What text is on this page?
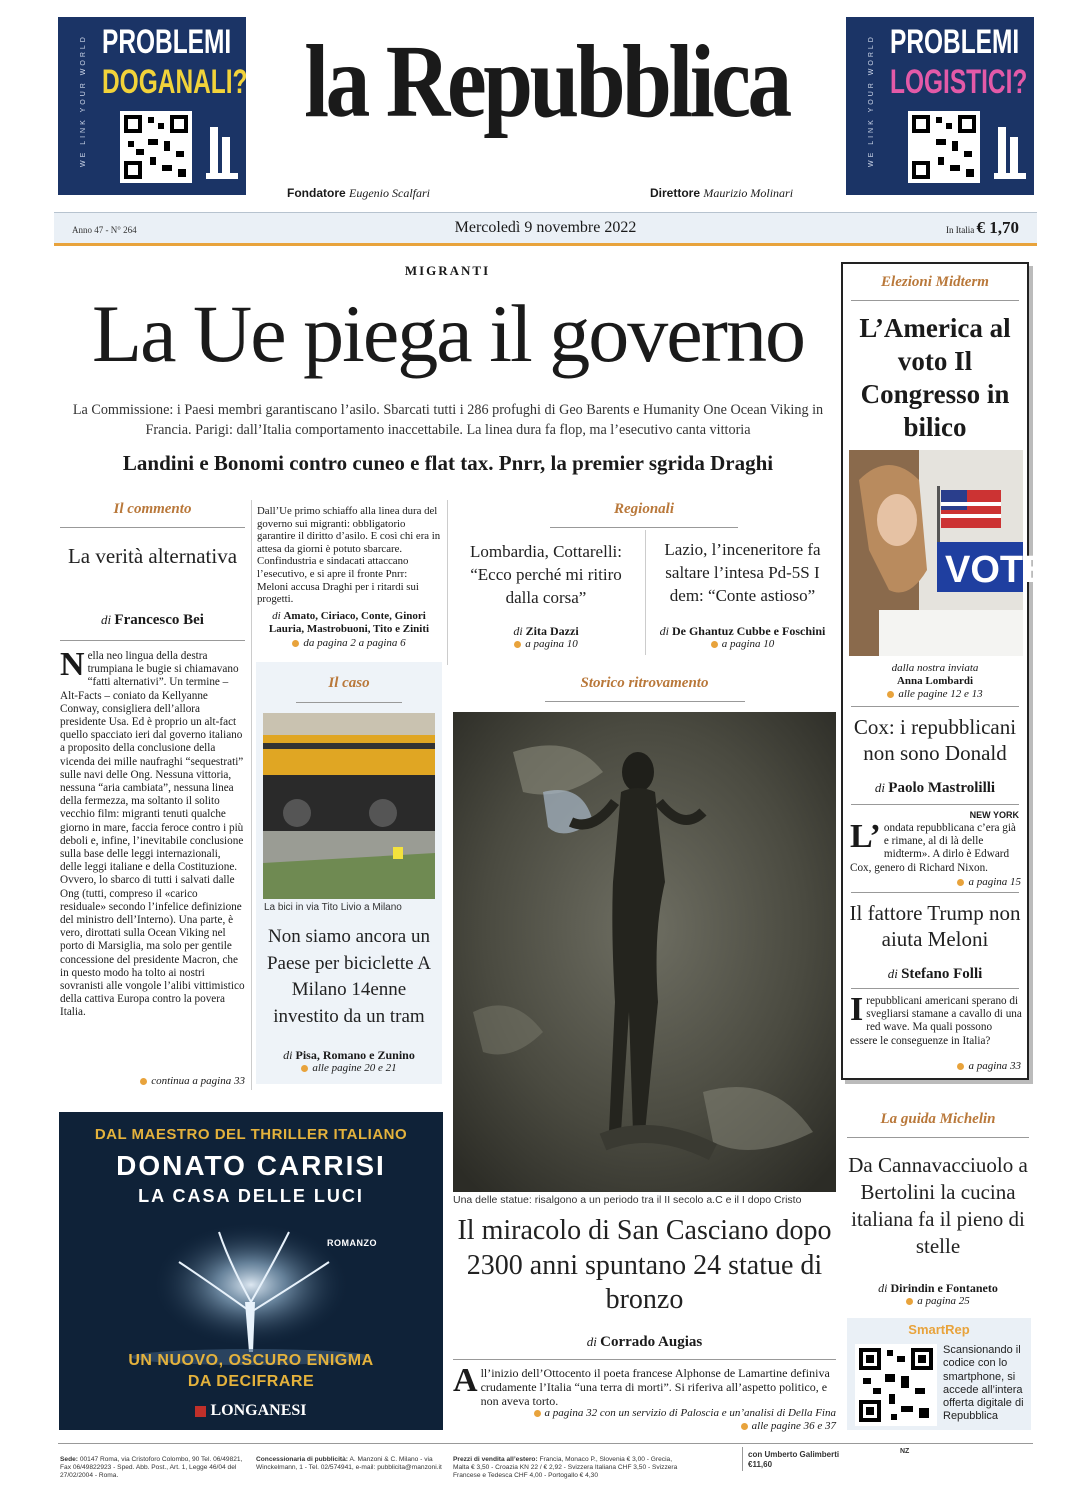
ORMESANI	WE LINK YOUR WORLD PROBLEMI
DOGANALI? la Repubblica
Fondatore Eugenio Scalfari	Direttore Maurizio Molinari
ORMESANI	WE LINK YOUR WORLD PROBLEMI
LOGISTICI?
Anno 47 - N° 264	Mercoledì 9 novembre 2022	In Italia € 1,70
MIGRANTI
La Ue piega il governo
La Commissione: i Paesi membri garantiscano l’asilo. Sbarcati tutti i 286 profughi di Geo Barents e Humanity One Ocean Viking in Francia. Parigi: dall’Italia comportamento inaccettabile. La linea dura fa flop, ma l’esecutivo canta vittoria
Landini e Bonomi contro cuneo e flat tax. Pnrr, la premier sgrida Draghi
Il commento
La verità alternativa
di Francesco Bei
Nella neo lingua della destra trumpiana le bugie si chiamavano “fatti alternativi”. Un termine – Alt-Facts – coniato da Kellyanne Conway, consigliera dell’allora presidente Usa. Ed è proprio un alt-fact quello spacciato ieri dal governo italiano a proposito della conclusione della vicenda dei mille naufraghi “sequestrati” sulle navi delle Ong. Nessuna vittoria, nessuna “aria cambiata”, nessuna linea della fermezza, ma soltanto il solito vecchio film: migranti tenuti qualche giorno in mare, faccia feroce contro i più deboli e, infine, l’inevitabile conclusione sulla base delle leggi internazionali, delle leggi italiane e della Costituzione. Ovvero, lo sbarco di tutti i salvati dalle Ong (tutti, compreso il «carico residuale» secondo l’infelice definizione del ministro dell’Interno). Una parte, è vero, dirottati sulla Ocean Viking nel porto di Marsiglia, ma solo per gentile concessione del presidente Macron, che in questo modo ha tolto ai nostri sovranisti alle vongole l’alibi vittimistico della cattiva Europa contro la povera Italia.
continua a pagina 33
Dall’Ue primo schiaffo alla linea dura del governo sui migranti: obbligatorio garantire il diritto d’asilo. E così chi era in attesa da giorni è potuto sbarcare. Confindustria e sindacati attaccano l’esecutivo, e si apre il fronte Pnrr: Meloni accusa Draghi per i ritardi sui progetti.
di Amato, Ciriaco, Conte, Ginori Lauria, Mastrobuoni, Tito e Ziniti
da pagina 2 a pagina 6
Regionali
Lombardia, Cottarelli: “Ecco perché mi ritiro dalla corsa”
di Zita Dazzi
a pagina 10
Lazio, l’inceneritore fa saltare l’intesa Pd-5S I dem: “Conte astioso”
di De Ghantuz Cubbe e Foschini
a pagina 10
Il caso
La bici in via Tito Livio a Milano
Non siamo ancora un Paese per biciclette A Milano 14enne investito da un tram
di Pisa, Romano e Zunino
alle pagine 20 e 21
Storico ritrovamento
Una delle statue: risalgono a un periodo tra il II secolo a.C e il I dopo Cristo
Il miracolo di San Casciano dopo 2300 anni spuntano 24 statue di bronzo
di Corrado Augias
All’inizio dell’Ottocento il poeta francese Alphonse de Lamartine definiva crudamente l’Italia “una terra di morti”. Si riferiva all’aspetto politico, e non aveva torto.
a pagina 32 con un servizio di Paloscia e un’analisi di Della Fina
alle pagine 36 e 37
Elezioni Midterm
L’America al voto Il Congresso in bilico
VOTE
dalla nostra inviata
Anna Lombardi
alle pagine 12 e 13
Cox: i repubblicani non sono Donald
di Paolo Mastrolilli
NEW YORK
L’ ondata repubblicana c’era già e rimane, al di là delle midterm». A dirlo è Edward Cox, genero di Richard Nixon.
a pagina 15
Il fattore Trump non aiuta Meloni
di Stefano Folli
Irepubblicani americani sperano di svegliarsi stamane a cavallo di una red wave. Ma quali possono essere le conseguenze in Italia?
a pagina 33
La guida Michelin
Da Cannavacciuolo a Bertolini la cucina italiana fa il pieno di stelle
di Dirindin e Fontaneto
a pagina 25
SmartRep
Scansionando il codice con lo smartphone, si accede all’intera offerta digitale di Repubblica
DAL MAESTRO DEL THRILLER ITALIANO
DONATO CARRISI
LA CASA DELLE LUCI
ROMANZO
UN NUOVO, OSCURO ENIGMA
DA DECIFRARE
LONGANESI
Sede: 00147 Roma, via Cristoforo Colombo, 90 Tel. 06/49821, Fax 06/49822923 - Sped. Abb. Post., Art. 1, Legge 46/04 del 27/02/2004 - Roma.
Concessionaria di pubblicità: A. Manzoni & C. Milano - via Winckelmann, 1 - Tel. 02/574941, e-mail: pubblicita@manzoni.it
Prezzi di vendita all’estero: Francia, Monaco P., Slovenia € 3,00 - Grecia, Malta € 3,50 - Croazia KN 22 / € 2,92 - Svizzera Italiana CHF 3,50 - Svizzera Francese e Tedesca CHF 4,00 - Portogallo € 4,30
con Umberto Galimberti
€11,60
NZ
